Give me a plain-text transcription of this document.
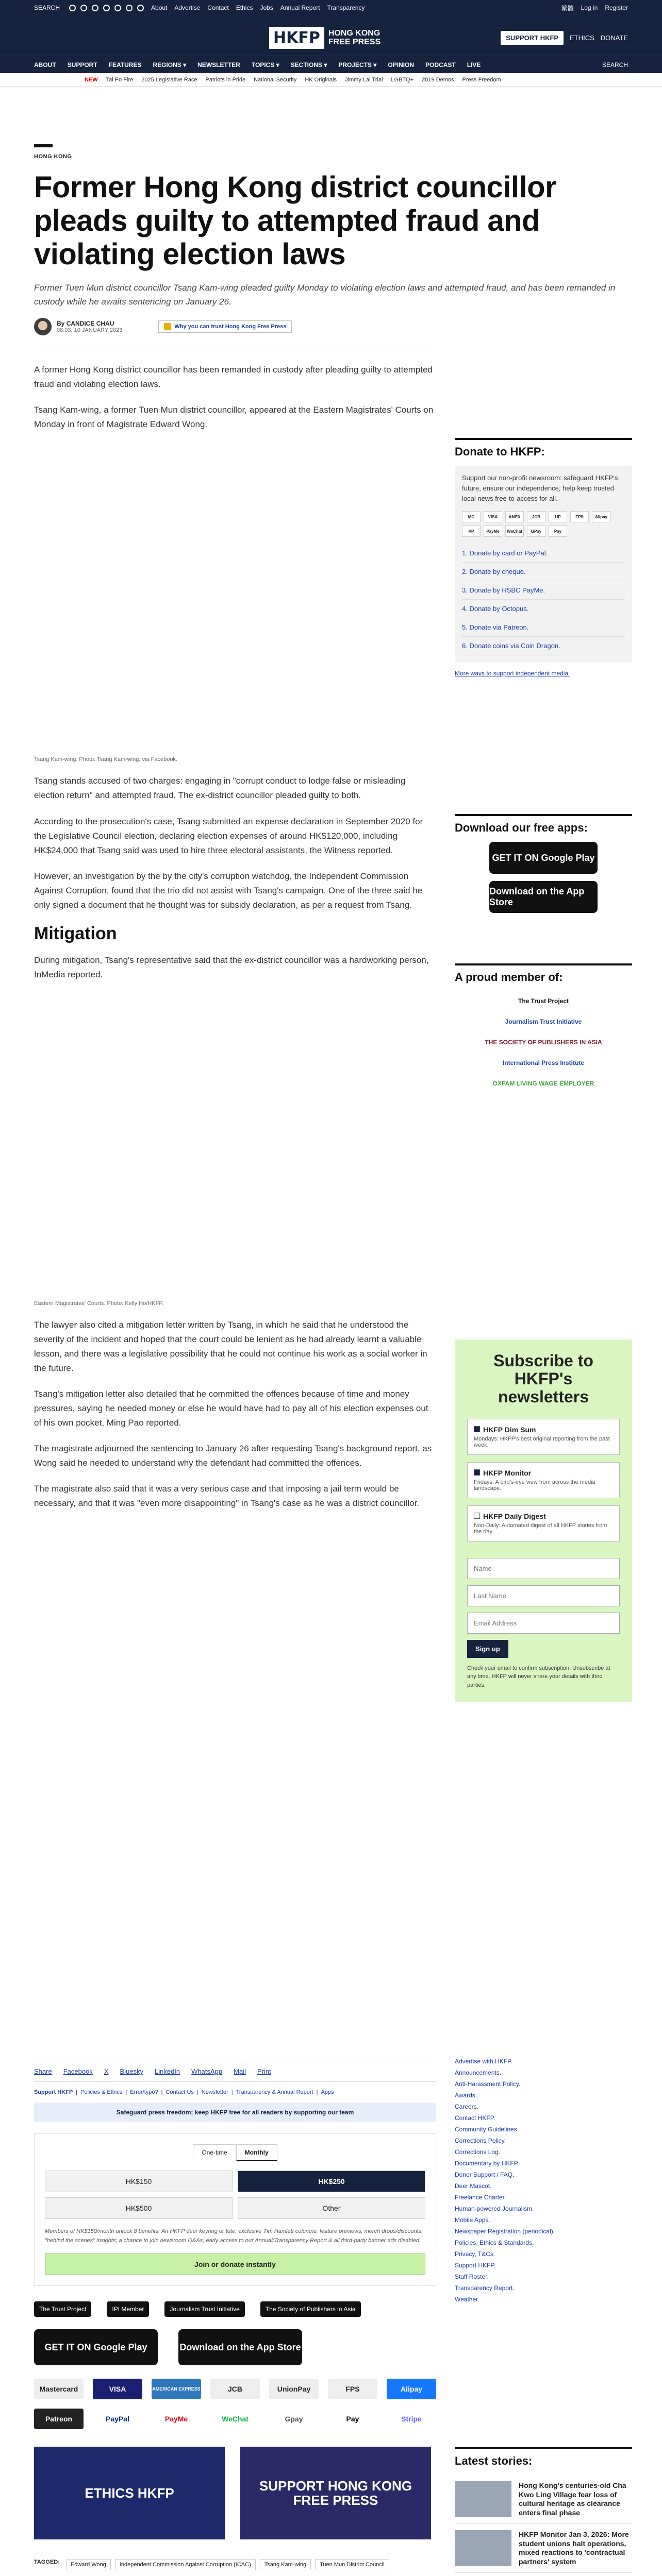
SEARCH	About Advertise Contact Ethics Jobs Annual Report Transparency	繁體 Log in Register
HKFP	HONG KONG FREE PRESS	SUPPORT HKFP	ETHICS DONATE
ABOUT SUPPORT FEATURES REGIONS ▾ NEWSLETTER TOPICS ▾ SECTIONS ▾ PROJECTS ▾ OPINION PODCAST LIVE	SEARCH
NEW Tai Po Fire 2025 Legislative Race Patriots in Pride National Security HK Originals Jimmy Lai Trial LGBTQ+ 2019 Demos Press Freedom
HONG KONG
Former Hong Kong district councillor pleads guilty to attempted fraud and violating election laws

Former Tuen Mun district councillor Tsang Kam-wing pleaded guilty Monday to violating election laws and attempted fraud, and has been remanded in custody while he awaits sentencing on January 26.

By CANDICE CHAU
08:03, 10 JANUARY 2023
Why you can trust Hong Kong Free Press

A former Hong Kong district councillor has been remanded in custody after pleading guilty to attempted fraud and violating election laws.

Tsang Kam-wing, a former Tuen Mun district councillor, appeared at the Eastern Magistrates' Courts on Monday in front of Magistrate Edward Wong.

Tsang Kam-wing. Photo: Tsang Kam-wing, via Facebook.

Tsang stands accused of two charges: engaging in "corrupt conduct to lodge false or misleading election return" and attempted fraud. The ex-district councillor pleaded guilty to both.

According to the prosecution's case, Tsang submitted an expense declaration in September 2020 for the Legislative Council election, declaring election expenses of around HK$120,000, including HK$24,000 that Tsang said was used to hire three electoral assistants, the Witness reported.

However, an investigation by the by the city's corruption watchdog, the Independent Commission Against Corruption, found that the trio did not assist with Tsang's campaign. One of the three said he only signed a document that he thought was for subsidy declaration, as per a request from Tsang.

Mitigation

During mitigation, Tsang's representative said that the ex-district councillor was a hardworking person, InMedia reported.

Eastern Magistrates' Courts. Photo: Kelly Ho/HKFP.

The lawyer also cited a mitigation letter written by Tsang, in which he said that he understood the severity of the incident and hoped that the court could be lenient as he had already learnt a valuable lesson, and there was a legislative possibility that he could not continue his work as a social worker in the future.

Tsang's mitigation letter also detailed that he committed the offences because of time and money pressures, saying he needed money or else he would have had to pay all of his election expenses out of his own pocket, Ming Pao reported.

The magistrate adjourned the sentencing to January 26 after requesting Tsang's background report, as Wong said he needed to understand why the defendant had committed the offences.

The magistrate also said that it was a very serious case and that imposing a jail term would be necessary, and that it was "even more disappointing" in Tsang's case as he was a district councillor.

Share Facebook X Bluesky LinkedIn WhatsApp Mail Print
Support HKFP | Policies & Ethics | Error/typo? | Contact Us | Newsletter | Transparency & Annual Report | Apps
Safeguard press freedom; keep HKFP free for all readers by supporting our team
One-time	Monthly
HK$150	HK$250
HK$500	Other

Members of HK$150/month unlock 8 benefits: An HKFP deer keyring or tote; exclusive Tim Hamlett columns; feature previews; merch drops/discounts; "behind the scenes" insights; a chance to join newsroom Q&As; early access to our Annual/Transparency Report & all third-party banner ads disabled.

Join or donate instantly
The Trust Project	IPI Member	Journalism Trust Initiative	The Society of Publishers in Asia
GET IT ON Google Play	Download on the App Store
Mastercard	VISA	AMERICAN EXPRESS	JCB	UnionPay	FPS	Alipay
Patreon	PayPal	PayMe	WeChat	Gpay	Pay	Stripe
ETHICS HKFP	SUPPORT HONG KONG FREE PRESS
TAGGED:	Edward Wong	Independent Commission Against Corruption (ICAC)	Tsang Kam-wing	Tuen Mun District Council

Donate to HKFP:

Support our non-profit newsroom: safeguard HKFP's future, ensure our independence, help keep trusted local news free-to-access for all.

MC	VISA	AMEX	JCB	UP	FPS	Alipay
PP	PayMe	WeChat	GPay	Pay
1. Donate by card or PayPal.
2. Donate by cheque.
3. Donate by HSBC PayMe.
4. Donate by Octopus.
5. Donate via Patreon.
6. Donate coins via Coin Dragon.
More ways to support independent media.
Download our free apps:
GET IT ON Google Play
Download on the App Store
A proud member of:
The Trust Project
Journalism Trust Initiative
THE SOCIETY OF PUBLISHERS IN ASIA
International Press Institute
OXFAM LIVING WAGE EMPLOYER
Subscribe to HKFP's newsletters
HKFP Dim Sum
Mondays: HKFP's best original reporting from the past week.
HKFP Monitor
Fridays: A bird's-eye view from across the media landscape.
HKFP Daily Digest
Non-Daily: Automated digest of all HKFP stories from the day.
Name
Last Name
Email Address
Sign up

Check your email to confirm subscription. Unsubscribe at any time. HKFP will never share your details with third parties.

Advertise with HKFP.
Announcements.
Anti-Harassment Policy.
Awards.
Careers.
Contact HKFP.
Community Guidelines.
Corrections Policy.
Corrections Log.
Documentary by HKFP.
Donor Support / FAQ.
Deer Mascot.
Freelance Charter.
Human-powered Journalism.
Mobile Apps.
Newspaper Registration (periodical).
Policies, Ethics & Standards.
Privacy, T&Cs.
Support HKFP.
Staff Roster.
Transparency Report.
Weather.
Latest stories:
Hong Kong's centuries-old Cha Kwo Ling Village fear loss of cultural heritage as clearance enters final phase
HKFP Monitor Jan 3, 2026: More student unions halt operations, mixed reactions to 'contractual partners' system
